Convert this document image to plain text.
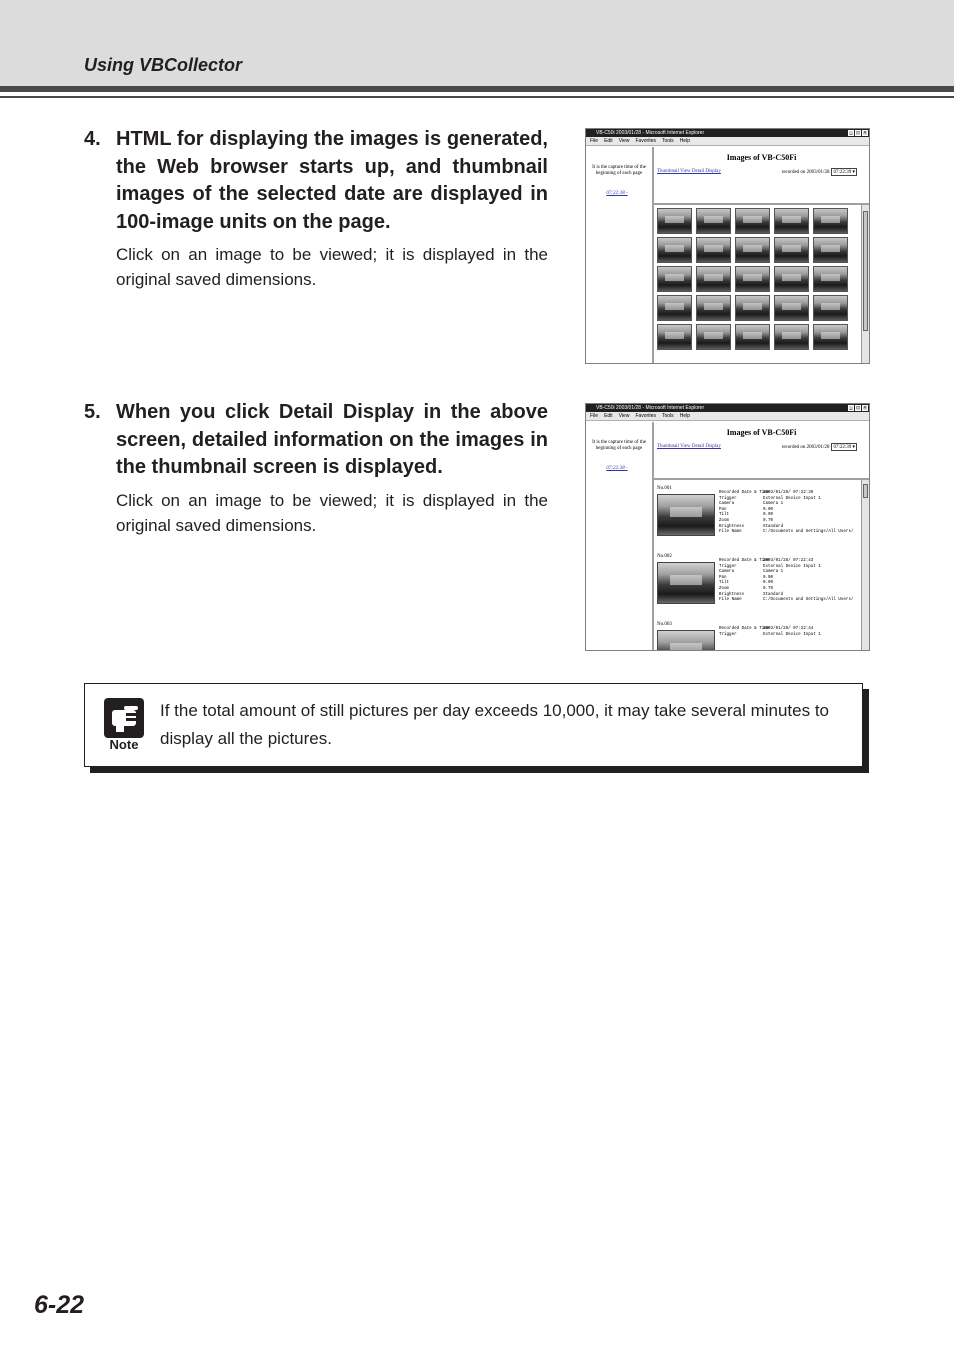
Using VBCollector
4. HTML for displaying the images is generated, the Web browser starts up, and thumbnail images of the selected date are displayed in 100-image units on the page.
Click on an image to be viewed; it is displayed in the original saved dimensions.
VB-C50i 2003/01/28 - Microsoft Internet Explorer	_ □ ×
File Edit View Favorites Tools Help
It is the capture time of the beginning of each page
07:22:38 -
Images of VB-C50Fi
Thumbnail View Detail Display	recorded on 2003/01/28 07:22:39 ▾
5. When you click Detail Display in the above screen, detailed information on the images in the thumbnail screen is displayed.
Click on an image to be viewed; it is displayed in the original saved dimensions.
VB-C50i 2003/01/28 - Microsoft Internet Explorer	_ □ ×
File Edit View Favorites Tools Help
It is the capture time of the beginning of each page
07:22:38 -
Images of VB-C50Fi
Thumbnail View Detail Display	recorded on 2003/01/28 07:22:39 ▾
No.001
Recorded Date & Time
2003/01/28/ 07:22:39
Trigger	External Device Input 1
Camera	Camera 1
Pan	0.00
Tilt	0.00
Zoom	0.70
Brightness	Standard
File Name	C:/Documents and Settings/All Users/
No.002
Recorded Date & Time
2003/01/28/ 07:22:43
Trigger	External Device Input 1
Camera	Camera 1
Pan	0.00
Tilt	0.00
Zoom	0.70
Brightness	Standard
File Name	C:/Documents and Settings/All Users/
No.003
Recorded Date & Time
2003/01/28/ 07:22:44
Trigger	External Device Input 1
Note
If the total amount of still pictures per day exceeds 10,000, it may take several minutes to display all the pictures.
6-22
